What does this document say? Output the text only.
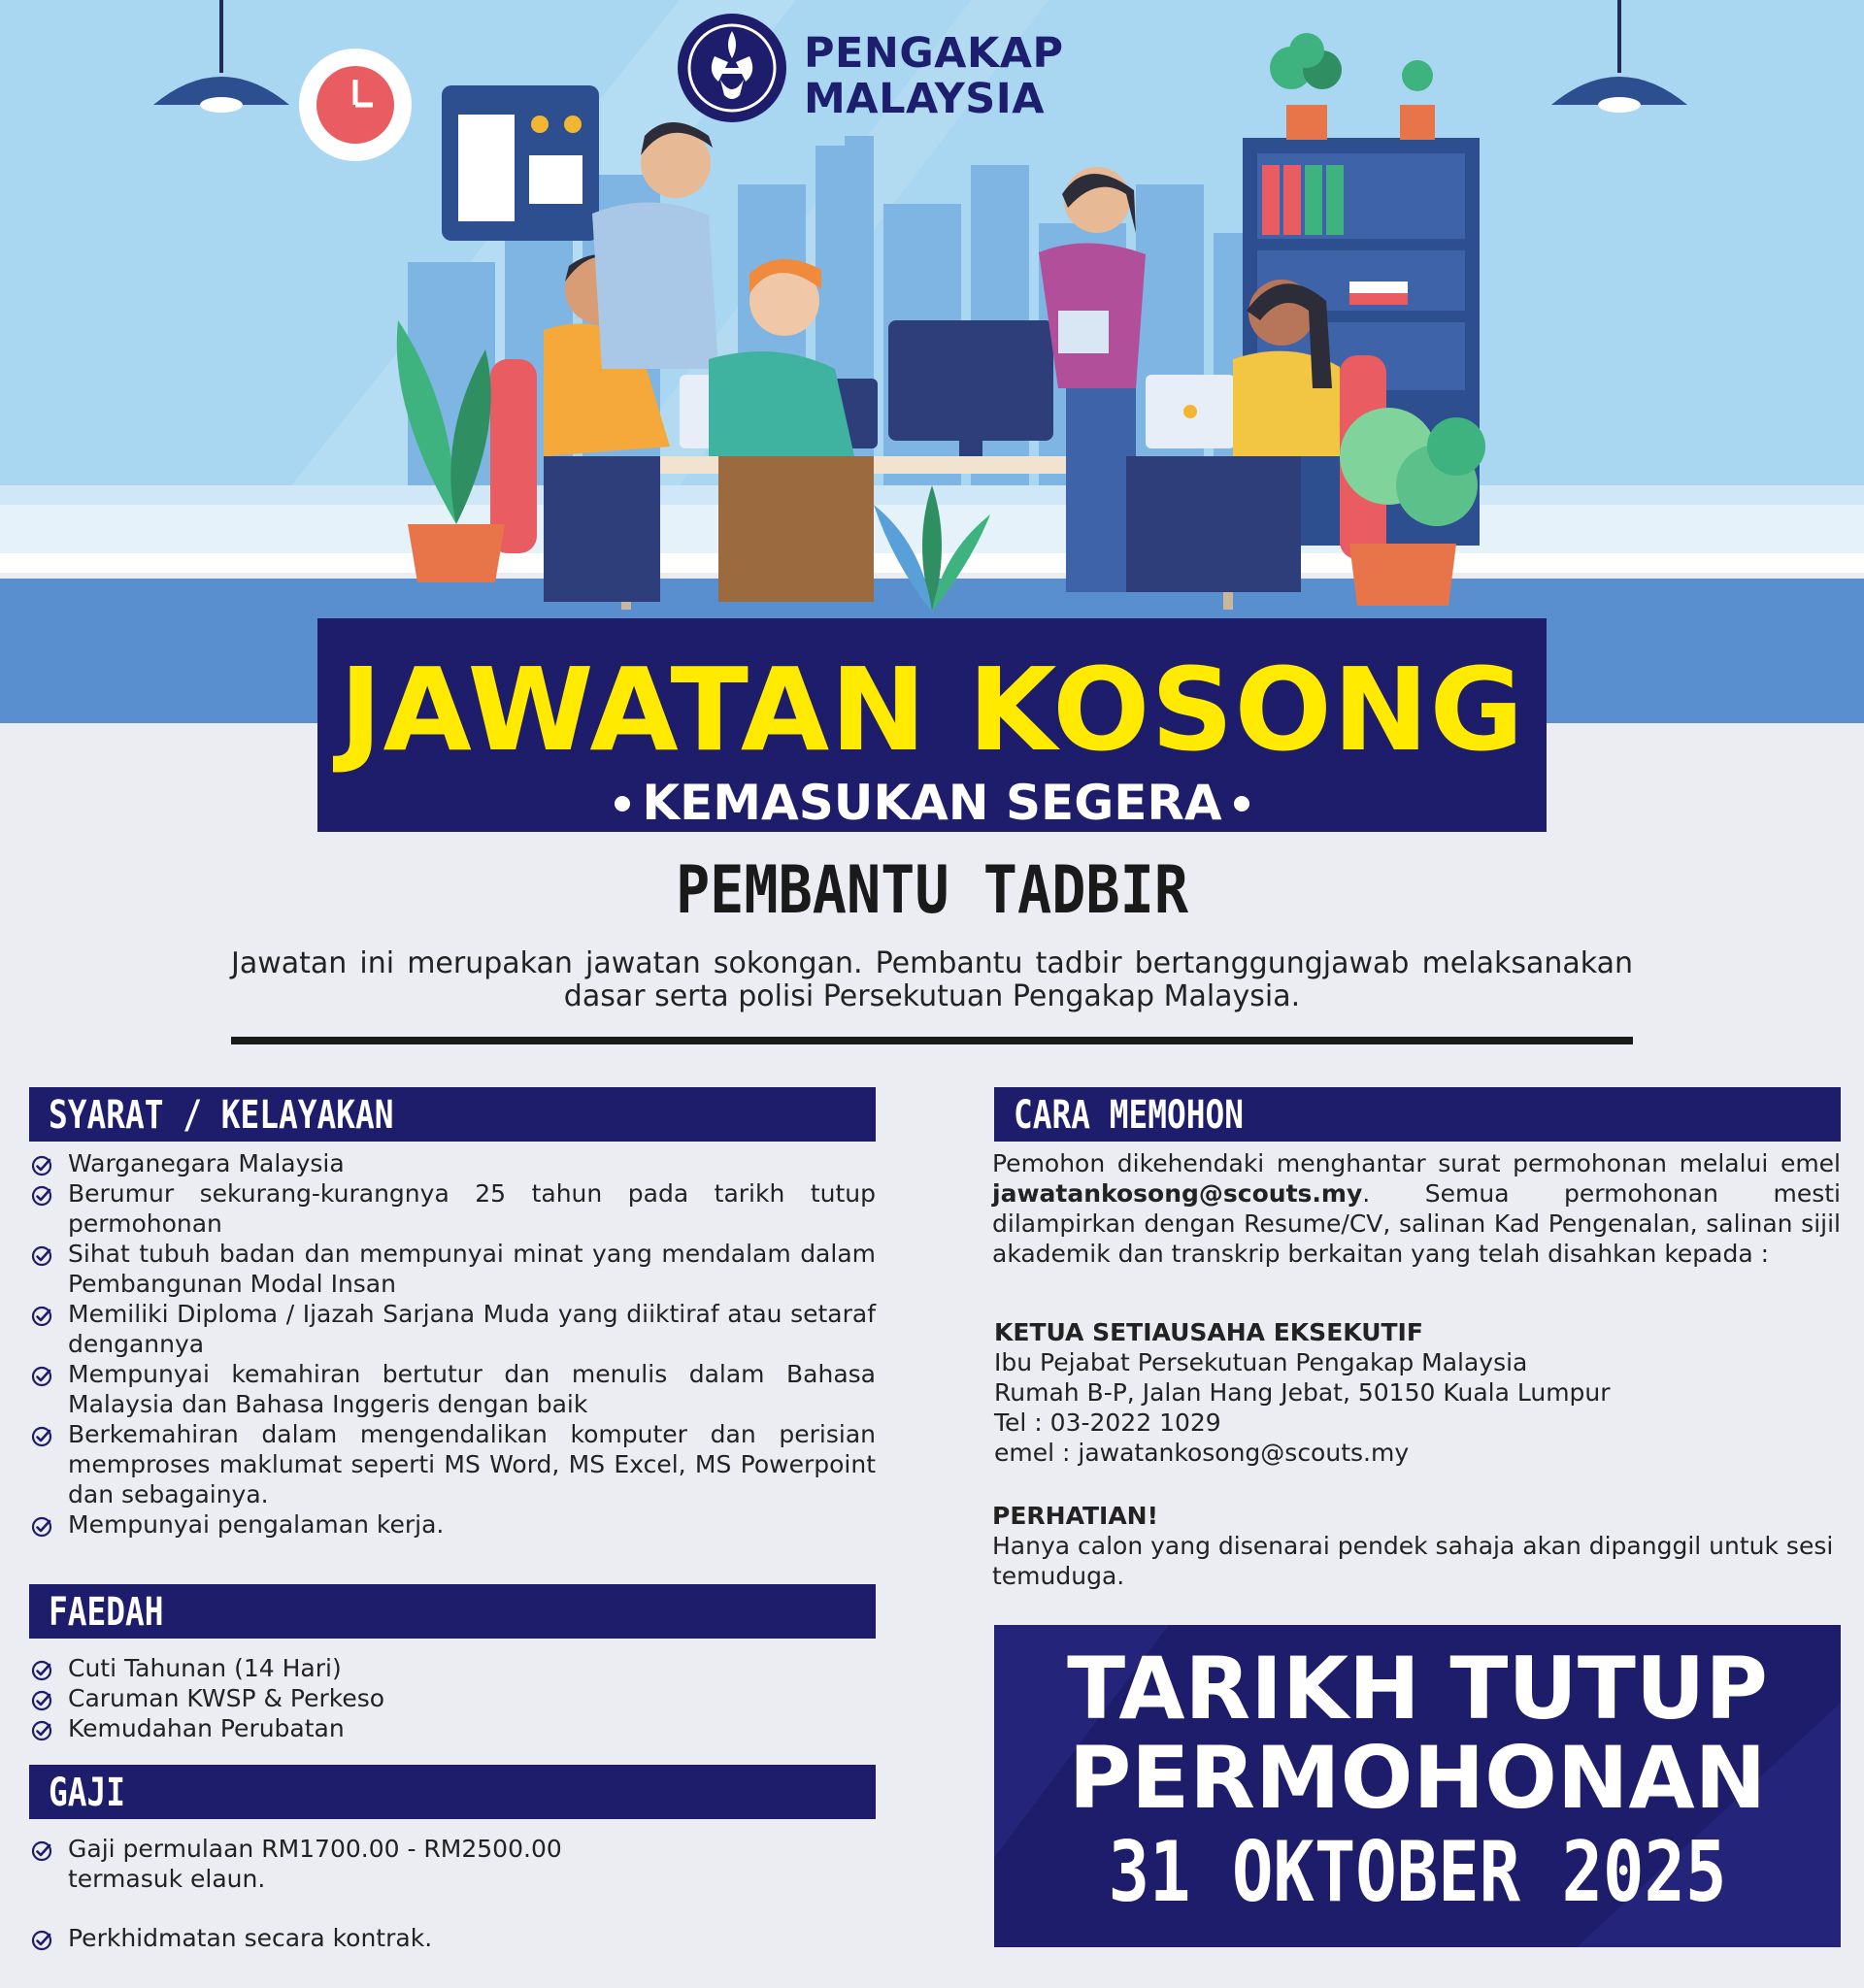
PENGAKAP
MALAYSIA
JAWATAN KOSONG
KEMASUKAN SEGERA
PEMBANTU TADBIR
Jawatan ini merupakan jawatan sokongan. Pembantu tadbir bertanggungjawab melaksanakan dasar serta polisi Persekutuan Pengakap Malaysia.
SYARAT / KELAYAKAN
Warganegara Malaysia
Berumur sekurang-kurangnya 25 tahun pada tarikh tutup permohonan
Sihat tubuh badan dan mempunyai minat yang mendalam dalam Pembangunan Modal Insan
Memiliki Diploma / Ijazah Sarjana Muda yang diiktiraf atau setaraf dengannya
Mempunyai kemahiran bertutur dan menulis dalam Bahasa Malaysia dan Bahasa Inggeris dengan baik
Berkemahiran dalam mengendalikan komputer dan perisian memproses maklumat seperti MS Word, MS Excel, MS Powerpoint dan sebagainya.
Mempunyai pengalaman kerja.
FAEDAH
Cuti Tahunan (14 Hari)
Caruman KWSP & Perkeso
Kemudahan Perubatan
GAJI
Gaji permulaan RM1700.00 - RM2500.00 termasuk elaun.
Perkhidmatan secara kontrak.
CARA MEMOHON
Pemohon dikehendaki menghantar surat permohonan melalui emel jawatankosong@scouts.my. Semua permohonan mesti dilampirkan dengan Resume/CV, salinan Kad Pengenalan, salinan sijil akademik dan transkrip berkaitan yang telah disahkan kepada :
KETUA SETIAUSAHA EKSEKUTIF
Ibu Pejabat Persekutuan Pengakap Malaysia
Rumah B-P, Jalan Hang Jebat, 50150 Kuala Lumpur
Tel : 03-2022 1029
emel : jawatankosong@scouts.my
PERHATIAN!
Hanya calon yang disenarai pendek sahaja akan dipanggil untuk sesi temuduga.
TARIKH TUTUP
PERMOHONAN
31 OKTOBER 2025
